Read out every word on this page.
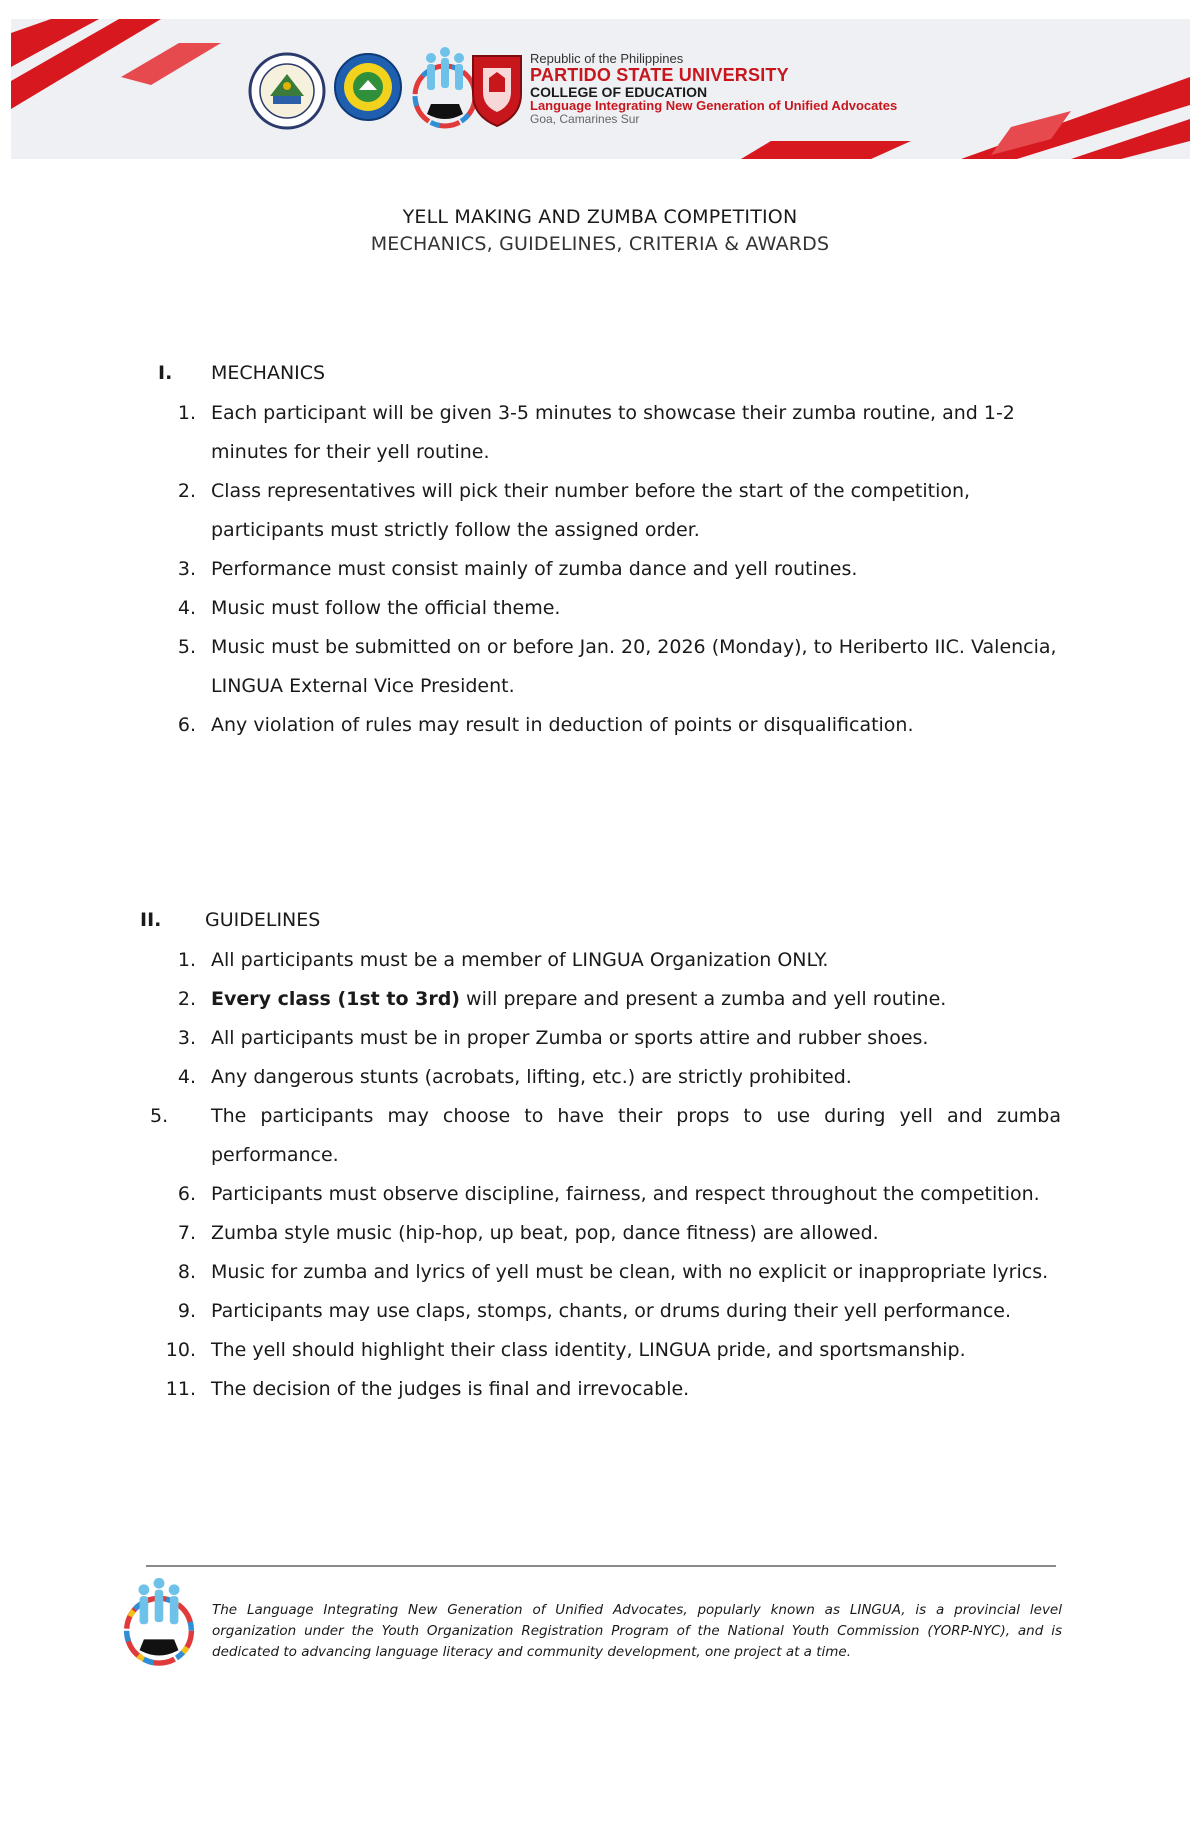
Republic of the Philippines
PARTIDO STATE UNIVERSITY
COLLEGE OF EDUCATION
Language Integrating New Generation of Unified Advocates
Goa, Camarines Sur
YELL MAKING AND ZUMBA COMPETITION
MECHANICS, GUIDELINES, CRITERIA & AWARDS
I. MECHANICS
1. Each participant will be given 3-5 minutes to showcase their zumba routine, and 1-2 minutes for their yell routine.
2. Class representatives will pick their number before the start of the competition, participants must strictly follow the assigned order.
3. Performance must consist mainly of zumba dance and yell routines.
4. Music must follow the official theme.
5. Music must be submitted on or before Jan. 20, 2026 (Monday), to Heriberto IIC. Valencia, LINGUA External Vice President.
6. Any violation of rules may result in deduction of points or disqualification.
II. GUIDELINES
1. All participants must be a member of LINGUA Organization ONLY.
2. Every class (1st to 3rd) will prepare and present a zumba and yell routine.
3. All participants must be in proper Zumba or sports attire and rubber shoes.
4. Any dangerous stunts (acrobats, lifting, etc.) are strictly prohibited.
5.	The participants may choose to have their props to use during yell and zumba performance.
6. Participants must observe discipline, fairness, and respect throughout the competition.
7. Zumba style music (hip-hop, up beat, pop, dance fitness) are allowed.
8. Music for zumba and lyrics of yell must be clean, with no explicit or inappropriate lyrics.
9. Participants may use claps, stomps, chants, or drums during their yell performance.
10. The yell should highlight their class identity, LINGUA pride, and sportsmanship.
11. The decision of the judges is final and irrevocable.
The Language Integrating New Generation of Unified Advocates, popularly known as LINGUA, is a provincial level organization under the Youth Organization Registration Program of the National Youth Commission (YORP-NYC), and is dedicated to advancing language literacy and community development, one project at a time.
